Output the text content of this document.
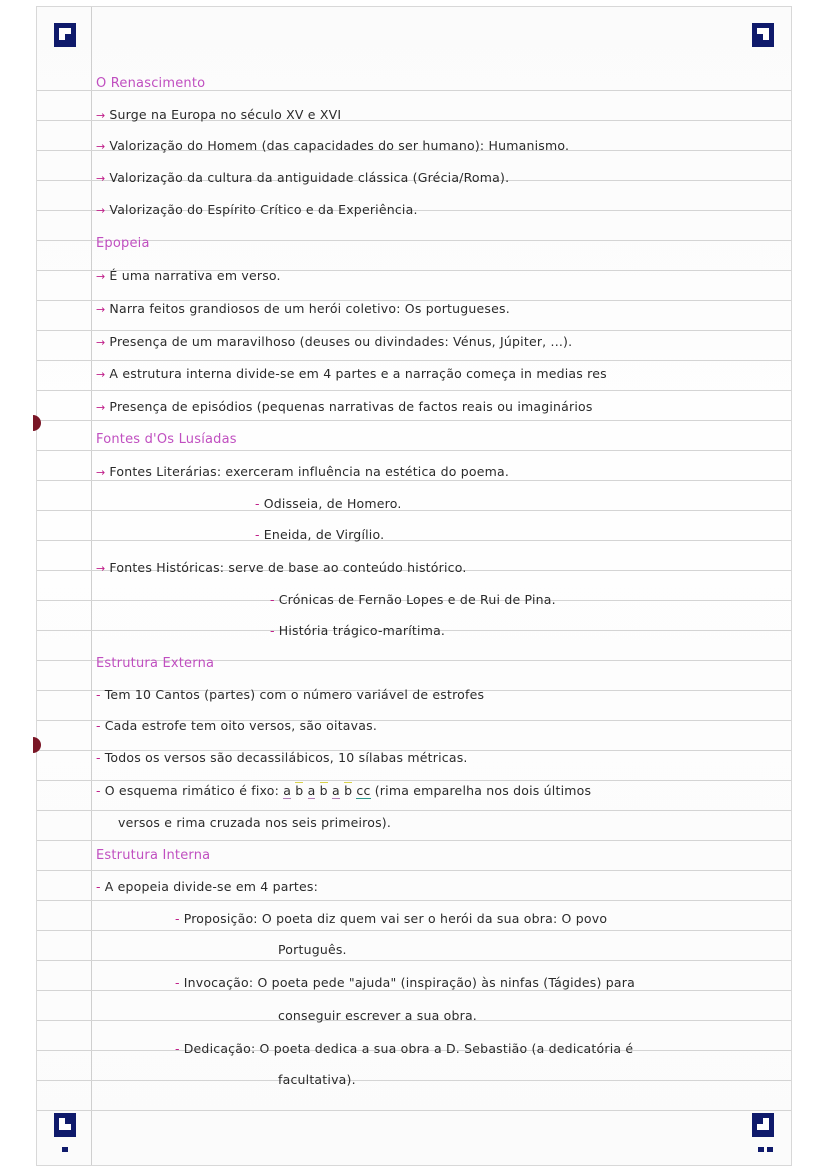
O Renascimento
→ Surge na Europa no século XV e XVI
→ Valorização do Homem (das capacidades do ser humano): Humanismo.
→ Valorização da cultura da antiguidade clássica (Grécia/Roma).
→ Valorização do Espírito Crítico e da Experiência.
Epopeia
→ É uma narrativa em verso.
→ Narra feitos grandiosos de um herói coletivo: Os portugueses.
→ Presença de um maravilhoso (deuses ou divindades: Vénus, Júpiter, ...).
→ A estrutura interna divide-se em 4 partes e a narração começa in medias res
→ Presença de episódios (pequenas narrativas de factos reais ou imaginários
Fontes d'Os Lusíadas
→ Fontes Literárias: exerceram influência na estética do poema.
- Odisseia, de Homero.
- Eneida, de Virgílio.
→ Fontes Históricas: serve de base ao conteúdo histórico.
- Crónicas de Fernão Lopes e de Rui de Pina.
- História trágico-marítima.
Estrutura Externa
- Tem 10 Cantos (partes) com o número variável de estrofes
- Cada estrofe tem oito versos, são oitavas.
- Todos os versos são decassilábicos, 10 sílabas métricas.
- O esquema rimático é fixo: a b a b a b cc (rima emparelha nos dois últimos
versos e rima cruzada nos seis primeiros).
Estrutura Interna
- A epopeia divide-se em 4 partes:
- Proposição: O poeta diz quem vai ser o herói da sua obra: O povo
Português.
- Invocação: O poeta pede "ajuda" (inspiração) às ninfas (Tágides) para
conseguir escrever a sua obra.
- Dedicação: O poeta dedica a sua obra a D. Sebastião (a dedicatória é
facultativa).
